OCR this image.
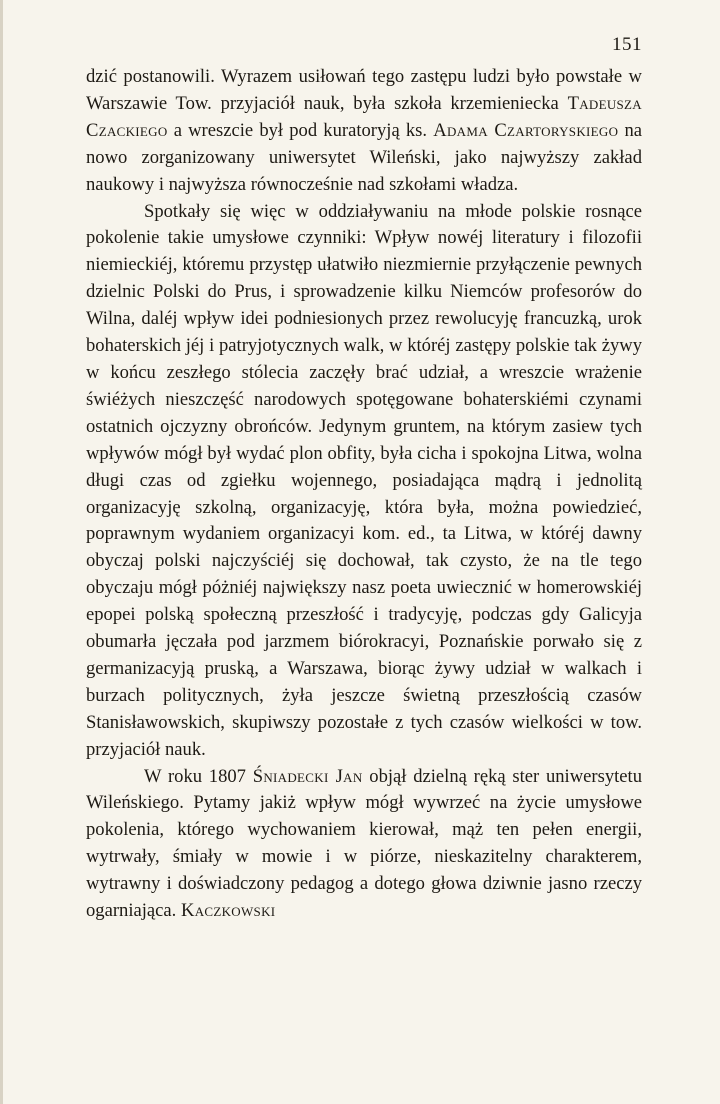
151

dzić postanowili. Wyrazem usiłowań tego zastępu ludzi było powstałe w Warszawie Tow. przyjaciół nauk, była szkoła krzemieniecka Tadeusza Czackiego a wreszcie był pod kuratoryją ks. Adama Czartoryskiego na nowo zorganizowany uniwersytet Wileński, jako najwyższy zakład naukowy i najwyższa równocześnie nad szkołami władza.

Spotkały się więc w oddziaływaniu na młode polskie rosnące pokolenie takie umysłowe czynniki: Wpływ nowéj literatury i filozofii niemieckiéj, któremu przystęp ułatwiło niezmiernie przyłączenie pewnych dzielnic Polski do Prus, i sprowadzenie kilku Niemców profesorów do Wilna, daléj wpływ idei podniesionych przez rewolucyję francuzką, urok bohaterskich jéj i patryjotycznych walk, w któréj zastępy polskie tak żywy w końcu zeszłego stólecia zaczęły brać udział, a wreszcie wrażenie świéżych nieszczęść narodowych spotęgowane bohaterskiémi czynami ostatnich ojczyzny obrońców. Jedynym gruntem, na którym zasiew tych wpływów mógł był wydać plon obfity, była cicha i spokojna Litwa, wolna długi czas od zgiełku wojennego, posiadająca mądrą i jednolitą organizacyję szkolną, organizacyję, która była, można powiedzieć, poprawnym wydaniem organizacyi kom. ed., ta Litwa, w któréj dawny obyczaj polski najczyściéj się dochował, tak czysto, że na tle tego obyczaju mógł póżniéj największy nasz poeta uwiecznić w homerowskiéj epopei polską społeczną przeszłość i tradycyję, podczas gdy Galicyja obumarła jęczała pod jarzmem biórokracyi, Poznańskie porwało się z germanizacyją pruską, a Warszawa, biorąc żywy udział w walkach i burzach politycznych, żyła jeszcze świetną przeszłością czasów Stanisławowskich, skupiwszy pozostałe z tych czasów wielkości w tow. przyjaciół nauk.

W roku 1807 Śniadecki Jan objął dzielną ręką ster uniwersytetu Wileńskiego. Pytamy jakiż wpływ mógł wywrzeć na życie umysłowe pokolenia, którego wychowaniem kierował, mąż ten pełen energii, wytrwały, śmiały w mowie i w piórze, nieskazitelny charakterem, wytrawny i doświadczony pedagog a dotego głowa dziwnie jasno rzeczy ogarniająca. Kaczkowski
